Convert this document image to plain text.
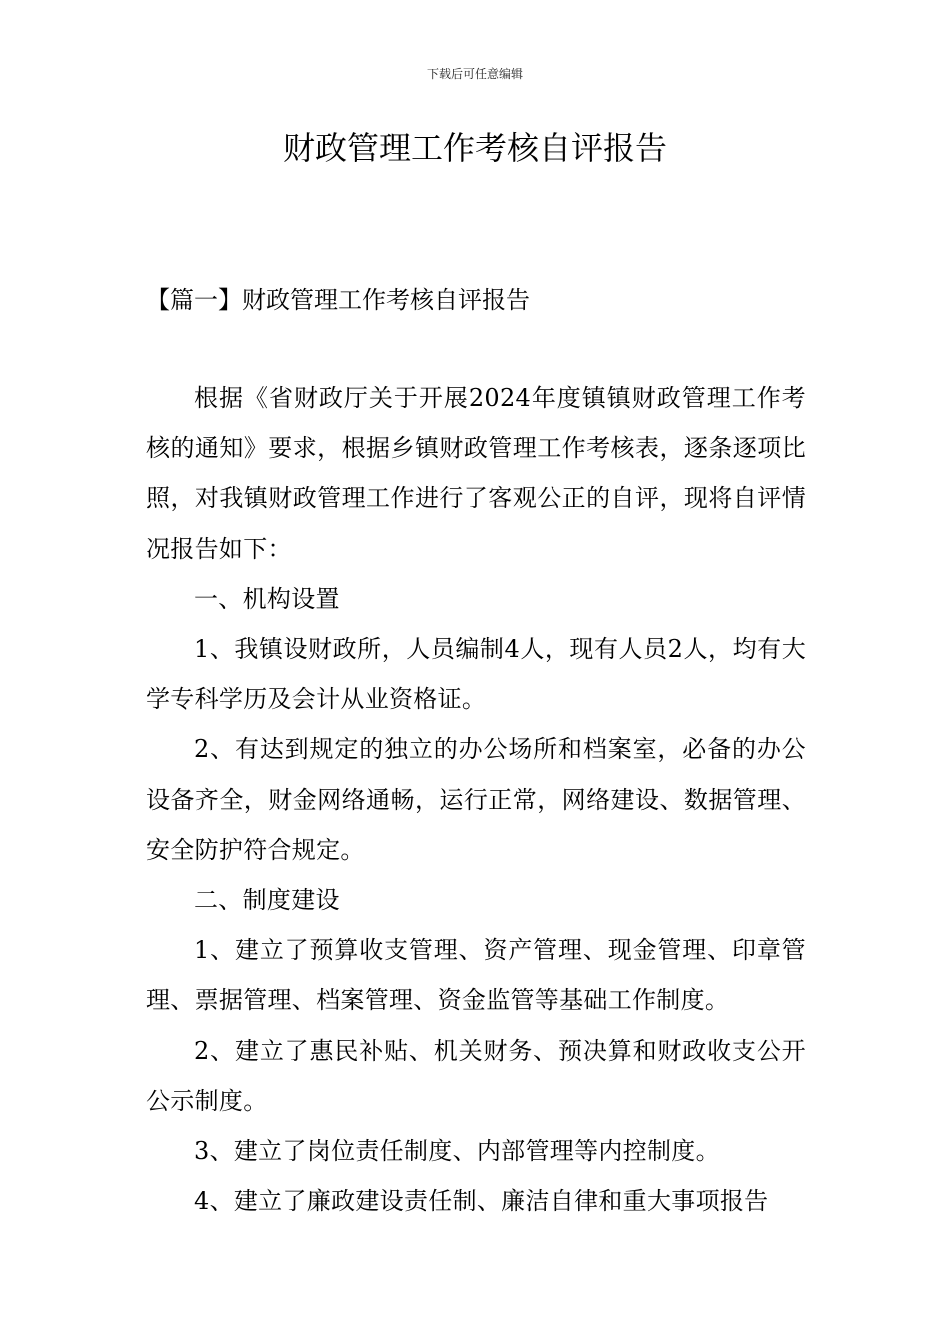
下载后可任意编辑
财政管理工作考核自评报告
【篇一】财政管理工作考核自评报告

根据《省财政厅关于开展2024年度镇镇财政管理工作考核的通知》要求，根据乡镇财政管理工作考核表，逐条逐项比照，对我镇财政管理工作进行了客观公正的自评，现将自评情况报告如下：

一、机构设置

1、我镇设财政所，人员编制4人，现有人员2人，均有大学专科学历及会计从业资格证。

2、有达到规定的独立的办公场所和档案室，必备的办公设备齐全，财金网络通畅，运行正常，网络建设、数据管理、安全防护符合规定。

二、制度建设

1、建立了预算收支管理、资产管理、现金管理、印章管理、票据管理、档案管理、资金监管等基础工作制度。

2、建立了惠民补贴、机关财务、预决算和财政收支公开公示制度。

3、建立了岗位责任制度、内部管理等内控制度。

4、建立了廉政建设责任制、廉洁自律和重大事项报告
